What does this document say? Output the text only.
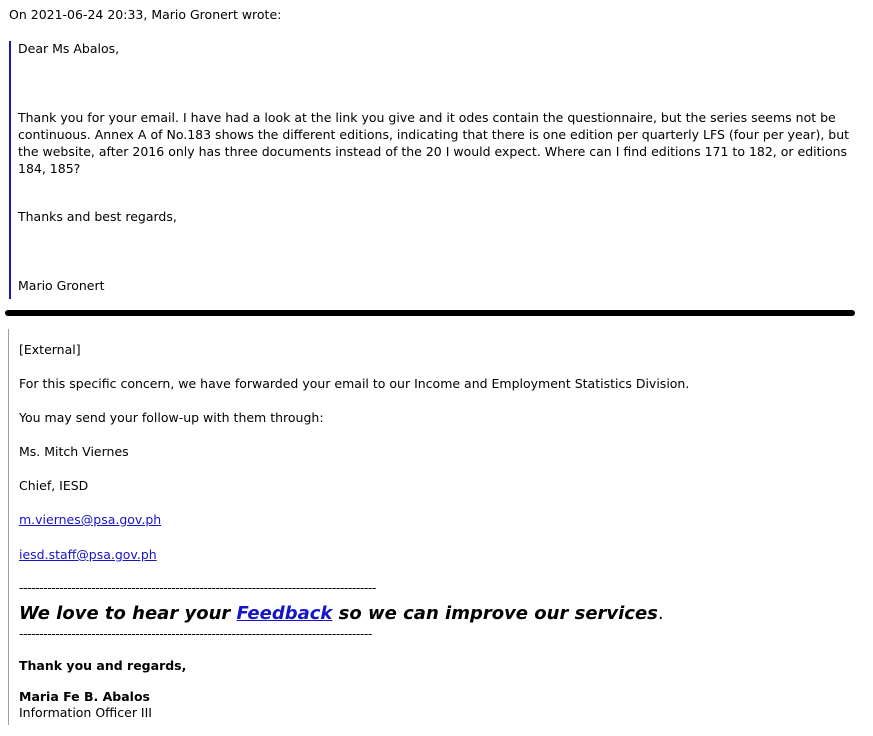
On 2021-06-24 20:33, Mario Gronert wrote:
Dear Ms Abalos,
Thank you for your email. I have had a look at the link you give and it odes contain the questionnaire, but the series seems not be continuous. Annex A of No.183 shows the different editions, indicating that there is one edition per quarterly LFS (four per year), but the website, after 2016 only has three documents instead of the 20 I would expect. Where can I find editions 171 to 182, or editions 184, 185?
Thanks and best regards,
Mario Gronert
[External]
For this specific concern, we have forwarded your email to our Income and Employment Statistics Division.
You may send your follow-up with them through:
Ms. Mitch Viernes
Chief, IESD
m.viernes@psa.gov.ph
iesd.staff@psa.gov.ph
-----------------------------------------------------------------------------------------
We love to hear your Feedback so we can improve our services.
----------------------------------------------------------------------------------------
Thank you and regards,
Maria Fe B. Abalos
Information Officer III
